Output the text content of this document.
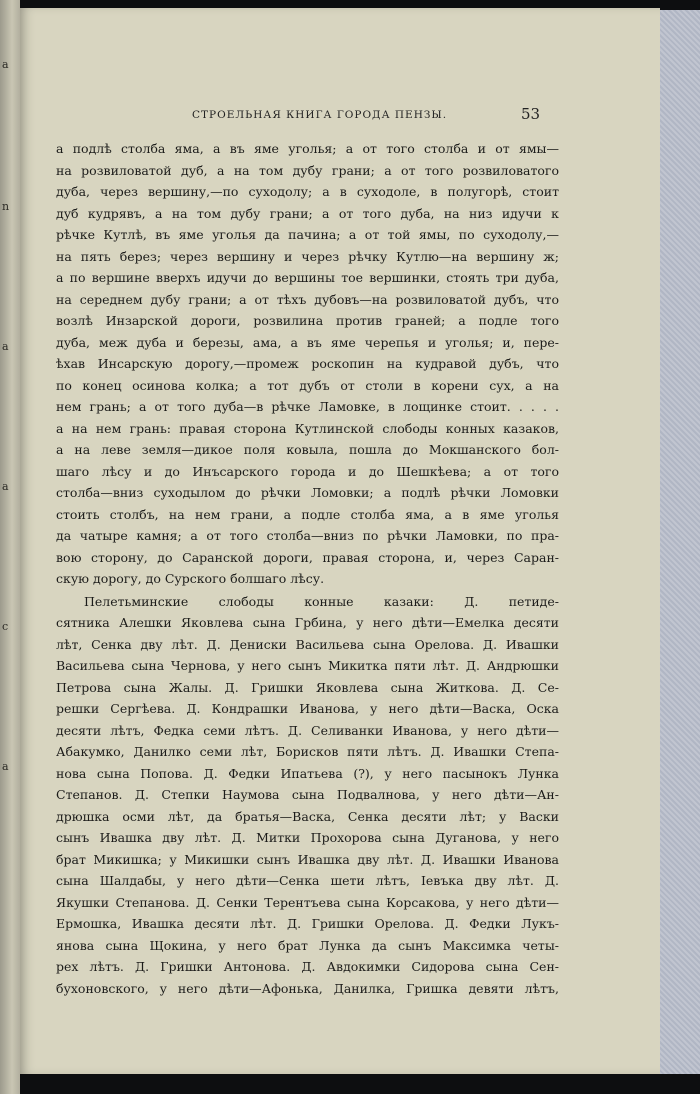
a
n
a
a
c
a
СТРОЕЛЬНАЯ КНИГА ГОРОДА ПЕНЗЫ.	53
а подлѣ столба яма, а въ яме уголья; а от того столба и от ямы—
на розвиловатой дуб, а на том дубу грани; а от того розвиловатого
дуба, через вершину,—по суходолу; а в суходоле, в полугорѣ, стоит
дуб кудрявъ, а на том дубу грани; а от того дуба, на низ идучи к
рѣчке Кутлѣ, въ яме уголья да пачина; а от той ямы, по суходолу,—
на пять берез; через вершину и через рѣчку Кутлю—на вершину ж;
а по вершине вверхъ идучи до вершины тое вершинки, стоять три дуба,
на середнем дубу грани; а от тѣхъ дубовъ—на розвиловатой дубъ, что
возлѣ Инзарской дороги, розвилина против граней; а подле того
дуба, меж дуба и березы, ама, а въ яме черепья и уголья; и, пере-
ѣхав Инсарскую дорогу,—промеж роскопин на кудравой дубъ, что
по конец осинова колка; а тот дубъ от столи в корени сух, а на
нем грань; а от того дуба—в рѣчке Ламовке, в лощинке стоит. . . . .
а на нем грань: правая сторона Кутлинской слободы конных казаков,
а на леве земля—дикое поля ковыла, пошла до Мокшанского бол-
шаго лѣсу и до Инъсарского города и до Шешкѣева; а от того
столба—вниз суходылом до рѣчки Ломовки; а подлѣ рѣчки Ломовки
стоить столбъ, на нем грани, а подле столба яма, а в яме уголья
да чатыре камня; а от того столба—вниз по рѣчки Ламовки, по пра-
вою сторону, до Саранской дороги, правая сторона, и, через Саран-
скую дорогу, до Сурского болшаго лѣсу.
Пелетьминские слободы конные казаки: Д. петиде-
сятника Алешки Яковлева сына Грбина, у него дѣти—Емелка десяти
лѣт, Сенка дву лѣт. Д. Дениски Васильева сына Орелова. Д. Ивашки
Васильева сына Чернова, у него сынъ Микитка пяти лѣт. Д. Андрюшки
Петрова сына Жалы. Д. Гришки Яковлева сына Житкова. Д. Се-
решки Сергѣева. Д. Кондрашки Иванова, у него дѣти—Васка, Оска
десяти лѣтъ, Федка семи лѣтъ. Д. Селиванки Иванова, у него дѣти—
Абакумко, Данилко семи лѣт, Борисков пяти лѣтъ. Д. Ивашки Степа-
нова сына Попова. Д. Федки Ипатьева (?), у него пасынокъ Лунка
Степанов. Д. Степки Наумова сына Подвалнова, у него дѣти—Ан-
дрюшка осми лѣт, да братья—Васка, Сенка десяти лѣт; у Васки
сынъ Ивашка дву лѣт. Д. Митки Прохорова сына Дуганова, у него
брат Микишка; у Микишки сынъ Ивашка дву лѣт. Д. Ивашки Иванова
сына Шалдабы, у него дѣти—Сенка шети лѣтъ, Іевъка дву лѣт. Д.
Якушки Степанова. Д. Сенки Терентъева сына Корсакова, у него дѣти—
Ермошка, Ивашка десяти лѣт. Д. Гришки Орелова. Д. Федки Лукъ-
янова сына Щокина, у него брат Лунка да сынъ Максимка четы-
рех лѣтъ. Д. Гришки Антонова. Д. Авдокимки Сидорова сына Сен-
бухоновского, у него дѣти—Афонька, Данилка, Гришка девяти лѣтъ,
